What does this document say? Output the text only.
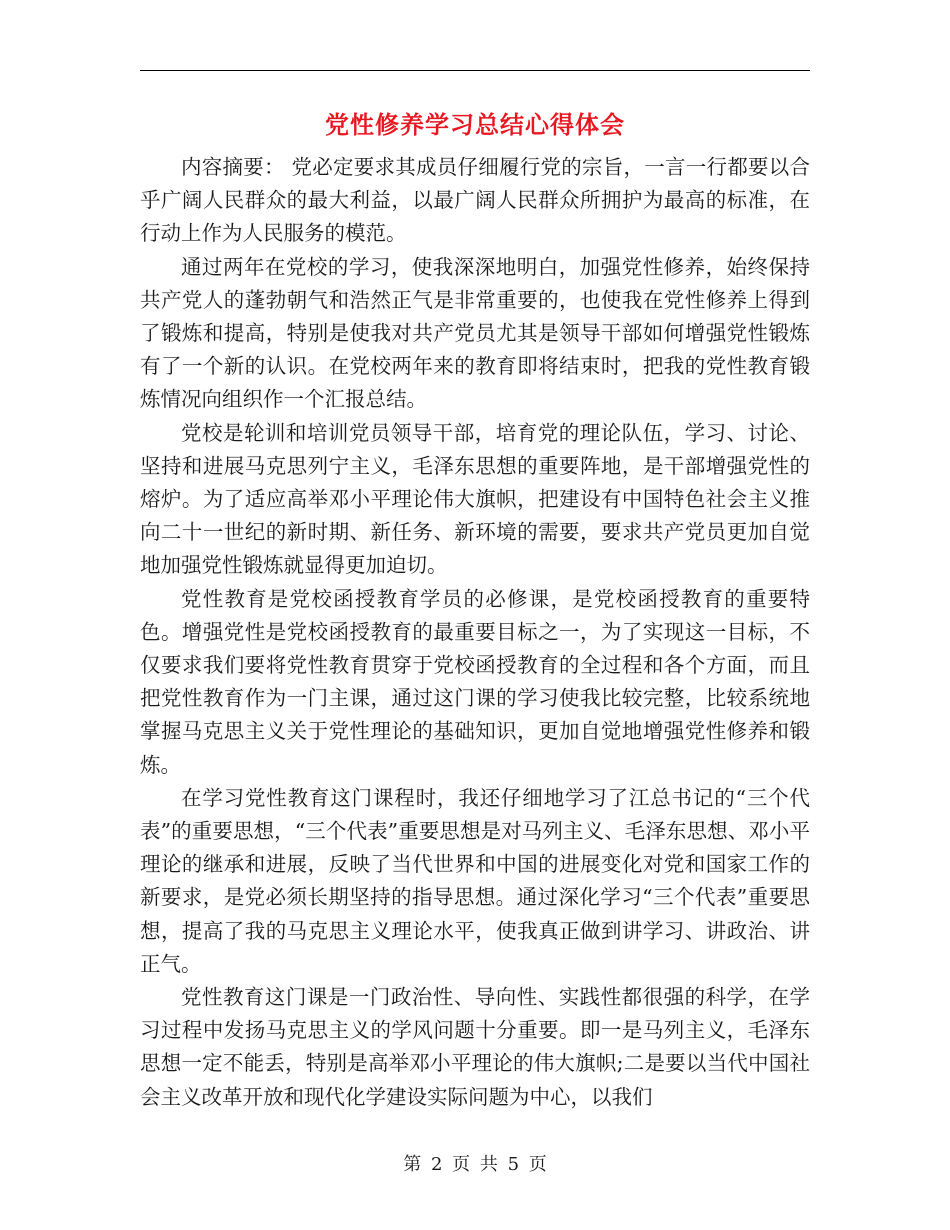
党性修养学习总结心得体会

内容摘要： 党必定要求其成员仔细履行党的宗旨，一言一行都要以合乎广阔人民群众的最大利益，以最广阔人民群众所拥护为最高的标准，在行动上作为人民服务的模范。

通过两年在党校的学习，使我深深地明白，加强党性修养，始终保持共产党人的蓬勃朝气和浩然正气是非常重要的，也使我在党性修养上得到了锻炼和提高，特别是使我对共产党员尤其是领导干部如何增强党性锻炼有了一个新的认识。在党校两年来的教育即将结束时，把我的党性教育锻炼情况向组织作一个汇报总结。

党校是轮训和培训党员领导干部，培育党的理论队伍，学习、讨论、坚持和进展马克思列宁主义，毛泽东思想的重要阵地，是干部增强党性的熔炉。为了适应高举邓小平理论伟大旗帜，把建设有中国特色社会主义推向二十一世纪的新时期、新任务、新环境的需要，要求共产党员更加自觉地加强党性锻炼就显得更加迫切。

党性教育是党校函授教育学员的必修课，是党校函授教育的重要特色。增强党性是党校函授教育的最重要目标之一，为了实现这一目标，不仅要求我们要将党性教育贯穿于党校函授教育的全过程和各个方面，而且把党性教育作为一门主课，通过这门课的学习使我比较完整，比较系统地掌握马克思主义关于党性理论的基础知识，更加自觉地增强党性修养和锻炼。

在学习党性教育这门课程时，我还仔细地学习了江总书记的“三个代表”的重要思想，“三个代表”重要思想是对马列主义、毛泽东思想、邓小平理论的继承和进展，反映了当代世界和中国的进展变化对党和国家工作的新要求，是党必须长期坚持的指导思想。通过深化学习“三个代表”重要思想，提高了我的马克思主义理论水平，使我真正做到讲学习、讲政治、讲正气。

党性教育这门课是一门政治性、导向性、实践性都很强的科学，在学习过程中发扬马克思主义的学风问题十分重要。即一是马列主义，毛泽东思想一定不能丢，特别是高举邓小平理论的伟大旗帜;二是要以当代中国社会主义改革开放和现代化学建设实际问题为中心，以我们

第 2 页 共 5 页
